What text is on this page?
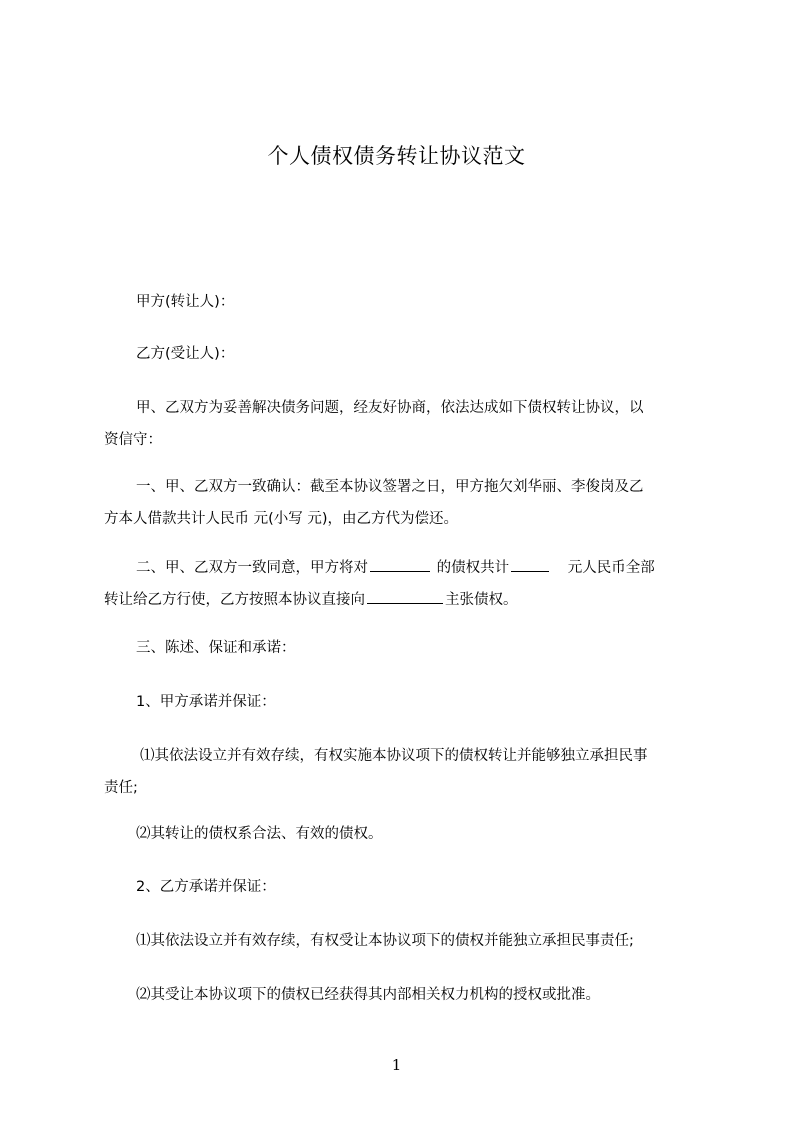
个人债权债务转让协议范文
甲方(转让人)：
乙方(受让人)：
甲、乙双方为妥善解决债务问题，经友好协商，依法达成如下债权转让协议，以
资信守：
一、甲、乙双方一致确认：截至本协议签署之日，甲方拖欠刘华丽、李俊岗及乙
方本人借款共计人民币 元(小写 元)，由乙方代为偿还。
二、甲、乙双方一致同意，甲方将对	的债权共计	元人民币全部
转让给乙方行使，乙方按照本协议直接向	主张债权。
三、陈述、保证和承诺：
1、甲方承诺并保证：
⑴其依法设立并有效存续，有权实施本协议项下的债权转让并能够独立承担民事
责任;
⑵其转让的债权系合法、有效的债权。
2、乙方承诺并保证：
⑴其依法设立并有效存续，有权受让本协议项下的债权并能独立承担民事责任;
⑵其受让本协议项下的债权已经获得其内部相关权力机构的授权或批准。
1
